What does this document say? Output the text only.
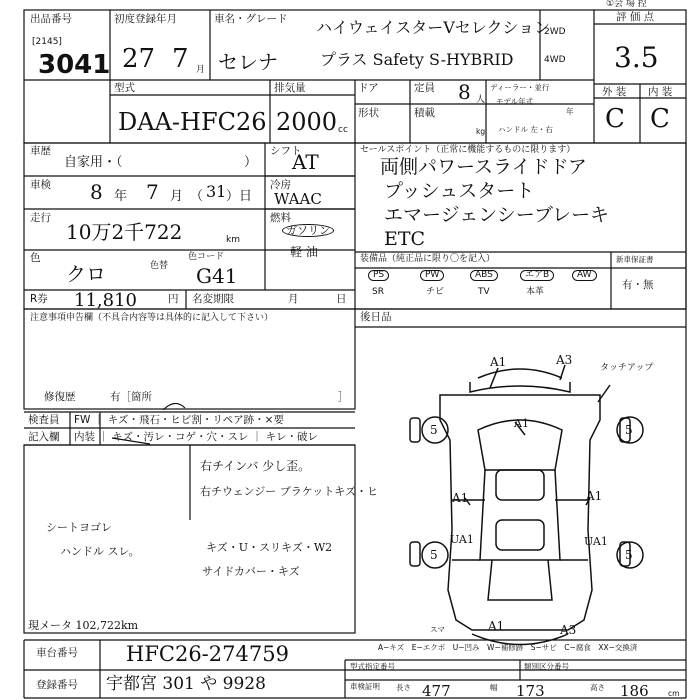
①会 場 控
出品番号
[2145]
3041
初度登録年月
27 7 月
車名・グレード
セレナ
ハイウェイスターVセレクション
プラス Safety S-HYBRID
2WD
4WD
評 価 点
3.5
外 装 内 装
C C
型式
DAA-HFC26
排気量
2000 cc
ドア	定員 8 人
ディーラー・並行
モデル年式
年
ハンドル 左・右
形状	積載
kg
車歴
自家用・（	）
シフト
AT
車検 8 年 7 月 （ 31 ）日
冷房
WAAC
走行
10万2千722	km
燃料
ガソリン
軽 油
色
クロ	色替
色コード
G41
R券 11,810	円 名変期限	月	日
セールスポイント（正常に機能するものに限ります）
両側パワースライドドア
プッシュスタート
エマージェンシーブレーキ
ETC
装備品（純正品に限り〇を記入）
PS	PW	ABS	エアB	AW
SR	チビ	TV	本革
新車保証書
有・無
注意事項申告欄（不具合内容等は具体的に記入して下さい）
修復歴	有［箇所	］
後日品
検査員
記入欄
FW ｜ キズ・飛石・ヒビ割・リペア跡・×要
内装 ｜ キズ・汚レ・コゲ・穴・スレ ｜ キレ・破レ
右チインバ 少し歪。
右チウェンジー ブラケットキズ・ヒ
シートヨゴレ
ハンドル スレ。	キズ・U・スリキズ・W2
サイドカバー・キズ
現メータ 102,722km
A1	A3
タッチアップ
A1
5	5
A1	A1
UA1	UA1
5	5
A1	A3
スマ
A−キズ　E−エクボ　U−凹み　W−補修跡　S−サビ　C−腐食　XX−交換済
車台番号 HFC26-274759
登録番号 宇都宮 301 や 9928
型式指定番号	類別区分番号
車検証明 長さ 477	幅 173	高さ 186	cm
